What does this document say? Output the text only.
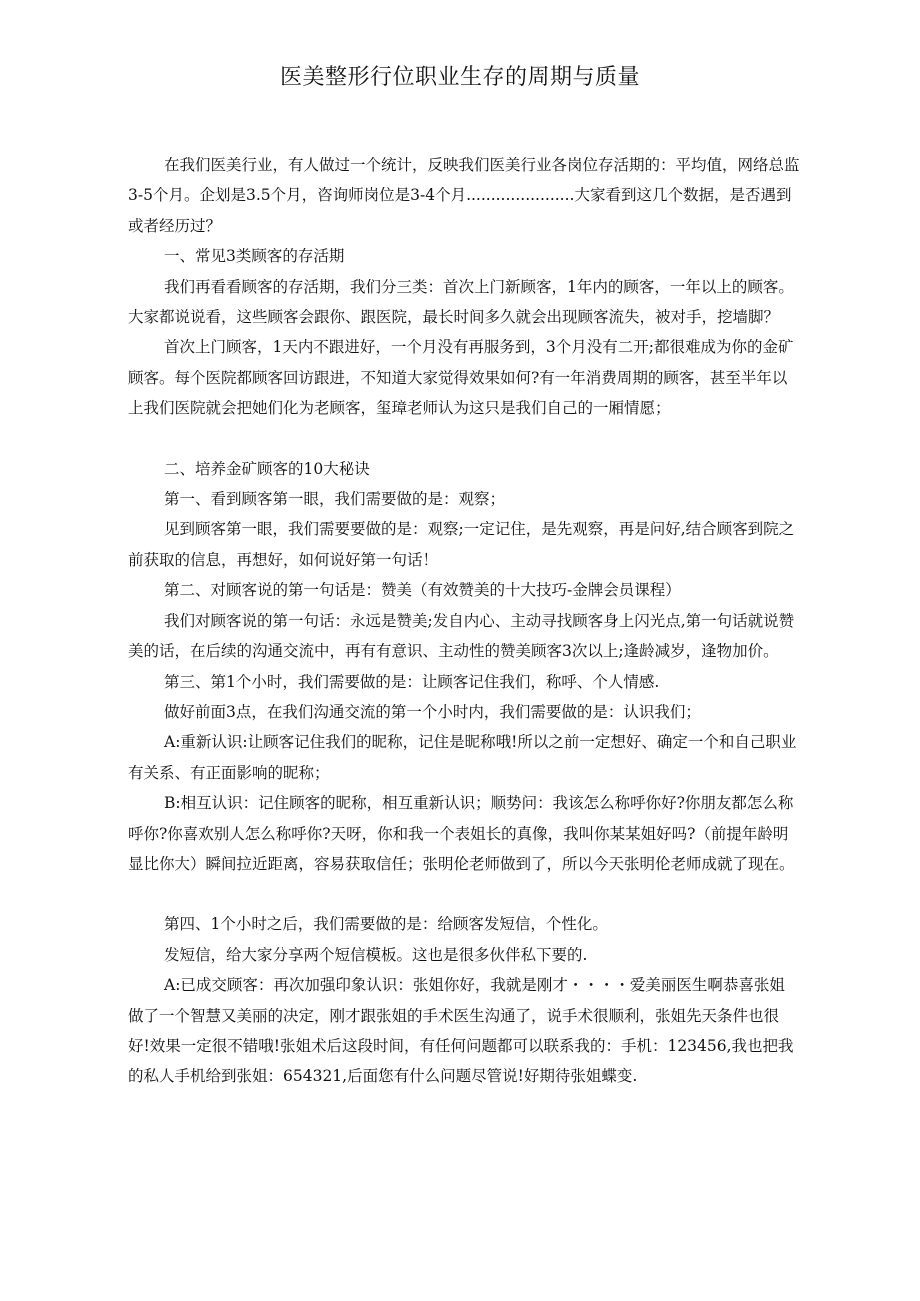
医美整形行位职业生存的周期与质量

在我们医美行业，有人做过一个统计，反映我们医美行业各岗位存活期的：平均值，网络总监3-5个月。企划是3.5个月，咨询师岗位是3-4个月......................大家看到这几个数据，是否遇到或者经历过？

一、常见3类顾客的存活期

我们再看看顾客的存活期，我们分三类：首次上门新顾客，1年内的顾客，一年以上的顾客。大家都说说看，这些顾客会跟你、跟医院，最长时间多久就会出现顾客流失，被对手，挖墙脚？

首次上门顾客，1天内不跟进好，一个月没有再服务到，3个月没有二开;都很难成为你的金矿顾客。每个医院都顾客回访跟进，不知道大家觉得效果如何?有一年消费周期的顾客，甚至半年以上我们医院就会把她们化为老顾客，玺璋老师认为这只是我们自己的一厢情愿；

二、培养金矿顾客的10大秘诀

第一、看到顾客第一眼，我们需要做的是：观察；

见到顾客第一眼，我们需要要做的是：观察;一定记住，是先观察，再是问好,结合顾客到院之前获取的信息，再想好，如何说好第一句话！

第二、对顾客说的第一句话是：赞美（有效赞美的十大技巧-金牌会员课程）

我们对顾客说的第一句话：永远是赞美;发自内心、主动寻找顾客身上闪光点,第一句话就说赞美的话，在后续的沟通交流中，再有有意识、主动性的赞美顾客3次以上;逢龄减岁，逢物加价。

第三、第1个小时，我们需要做的是：让顾客记住我们，称呼、个人情感.

做好前面3点，在我们沟通交流的第一个小时内，我们需要做的是：认识我们；

A:重新认识:让顾客记住我们的昵称，记住是昵称哦!所以之前一定想好、确定一个和自己职业有关系、有正面影响的昵称；

B:相互认识：记住顾客的昵称，相互重新认识；顺势问：我该怎么称呼你好?你朋友都怎么称呼你?你喜欢别人怎么称呼你?天呀，你和我一个表姐长的真像，我叫你某某姐好吗?（前提年龄明显比你大）瞬间拉近距离，容易获取信任；张明伦老师做到了，所以今天张明伦老师成就了现在。

第四、1个小时之后，我们需要做的是：给顾客发短信，个性化。

发短信，给大家分享两个短信模板。这也是很多伙伴私下要的.

A:已成交顾客：再次加强印象认识：张姐你好，我就是刚才・・・・爱美丽医生啊恭喜张姐做了一个智慧又美丽的决定，刚才跟张姐的手术医生沟通了，说手术很顺利，张姐先天条件也很好!效果一定很不错哦!张姐术后这段时间，有任何问题都可以联系我的：手机：123456,我也把我的私人手机给到张姐：654321,后面您有什么问题尽管说!好期待张姐蝶变.
